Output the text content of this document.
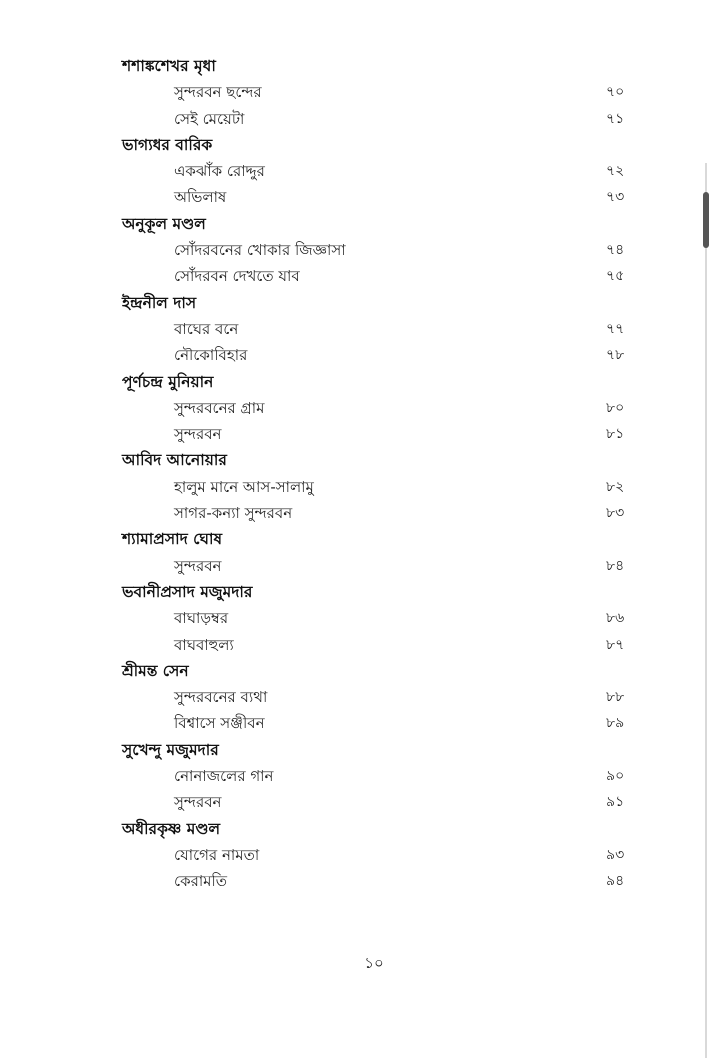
শশাঙ্কশেখর মৃধা
সুন্দরবন ছন্দের	৭০
সেই মেয়েটা	৭১
ভাগ্যধর বারিক
একঝাঁক রোদ্দুর	৭২
অভিলাষ	৭৩
অনুকূল মণ্ডল
সোঁদরবনের খোকার জিজ্ঞাসা	৭৪
সোঁদরবন দেখতে যাব	৭৫
ইন্দ্রনীল দাস
বাঘের বনে	৭৭
নৌকোবিহার	৭৮
পূর্ণচন্দ্র মুনিয়ান
সুন্দরবনের গ্রাম	৮০
সুন্দরবন	৮১
আবিদ আনোয়ার
হালুম মানে আস-সালামু	৮২
সাগর-কন্যা সুন্দরবন	৮৩
শ্যামাপ্রসাদ ঘোষ
সুন্দরবন	৮৪
ভবানীপ্রসাদ মজুমদার
বাঘাড়ম্বর	৮৬
বাঘবাহুল্য	৮৭
শ্রীমন্ত সেন
সুন্দরবনের ব্যথা	৮৮
বিশ্বাসে সঞ্জীবন	৮৯
সুখেন্দু মজুমদার
নোনাজলের গান	৯০
সুন্দরবন	৯১
অধীরকৃষ্ণ মণ্ডল
যোগের নামতা	৯৩
কেরামতি	৯৪
১০
